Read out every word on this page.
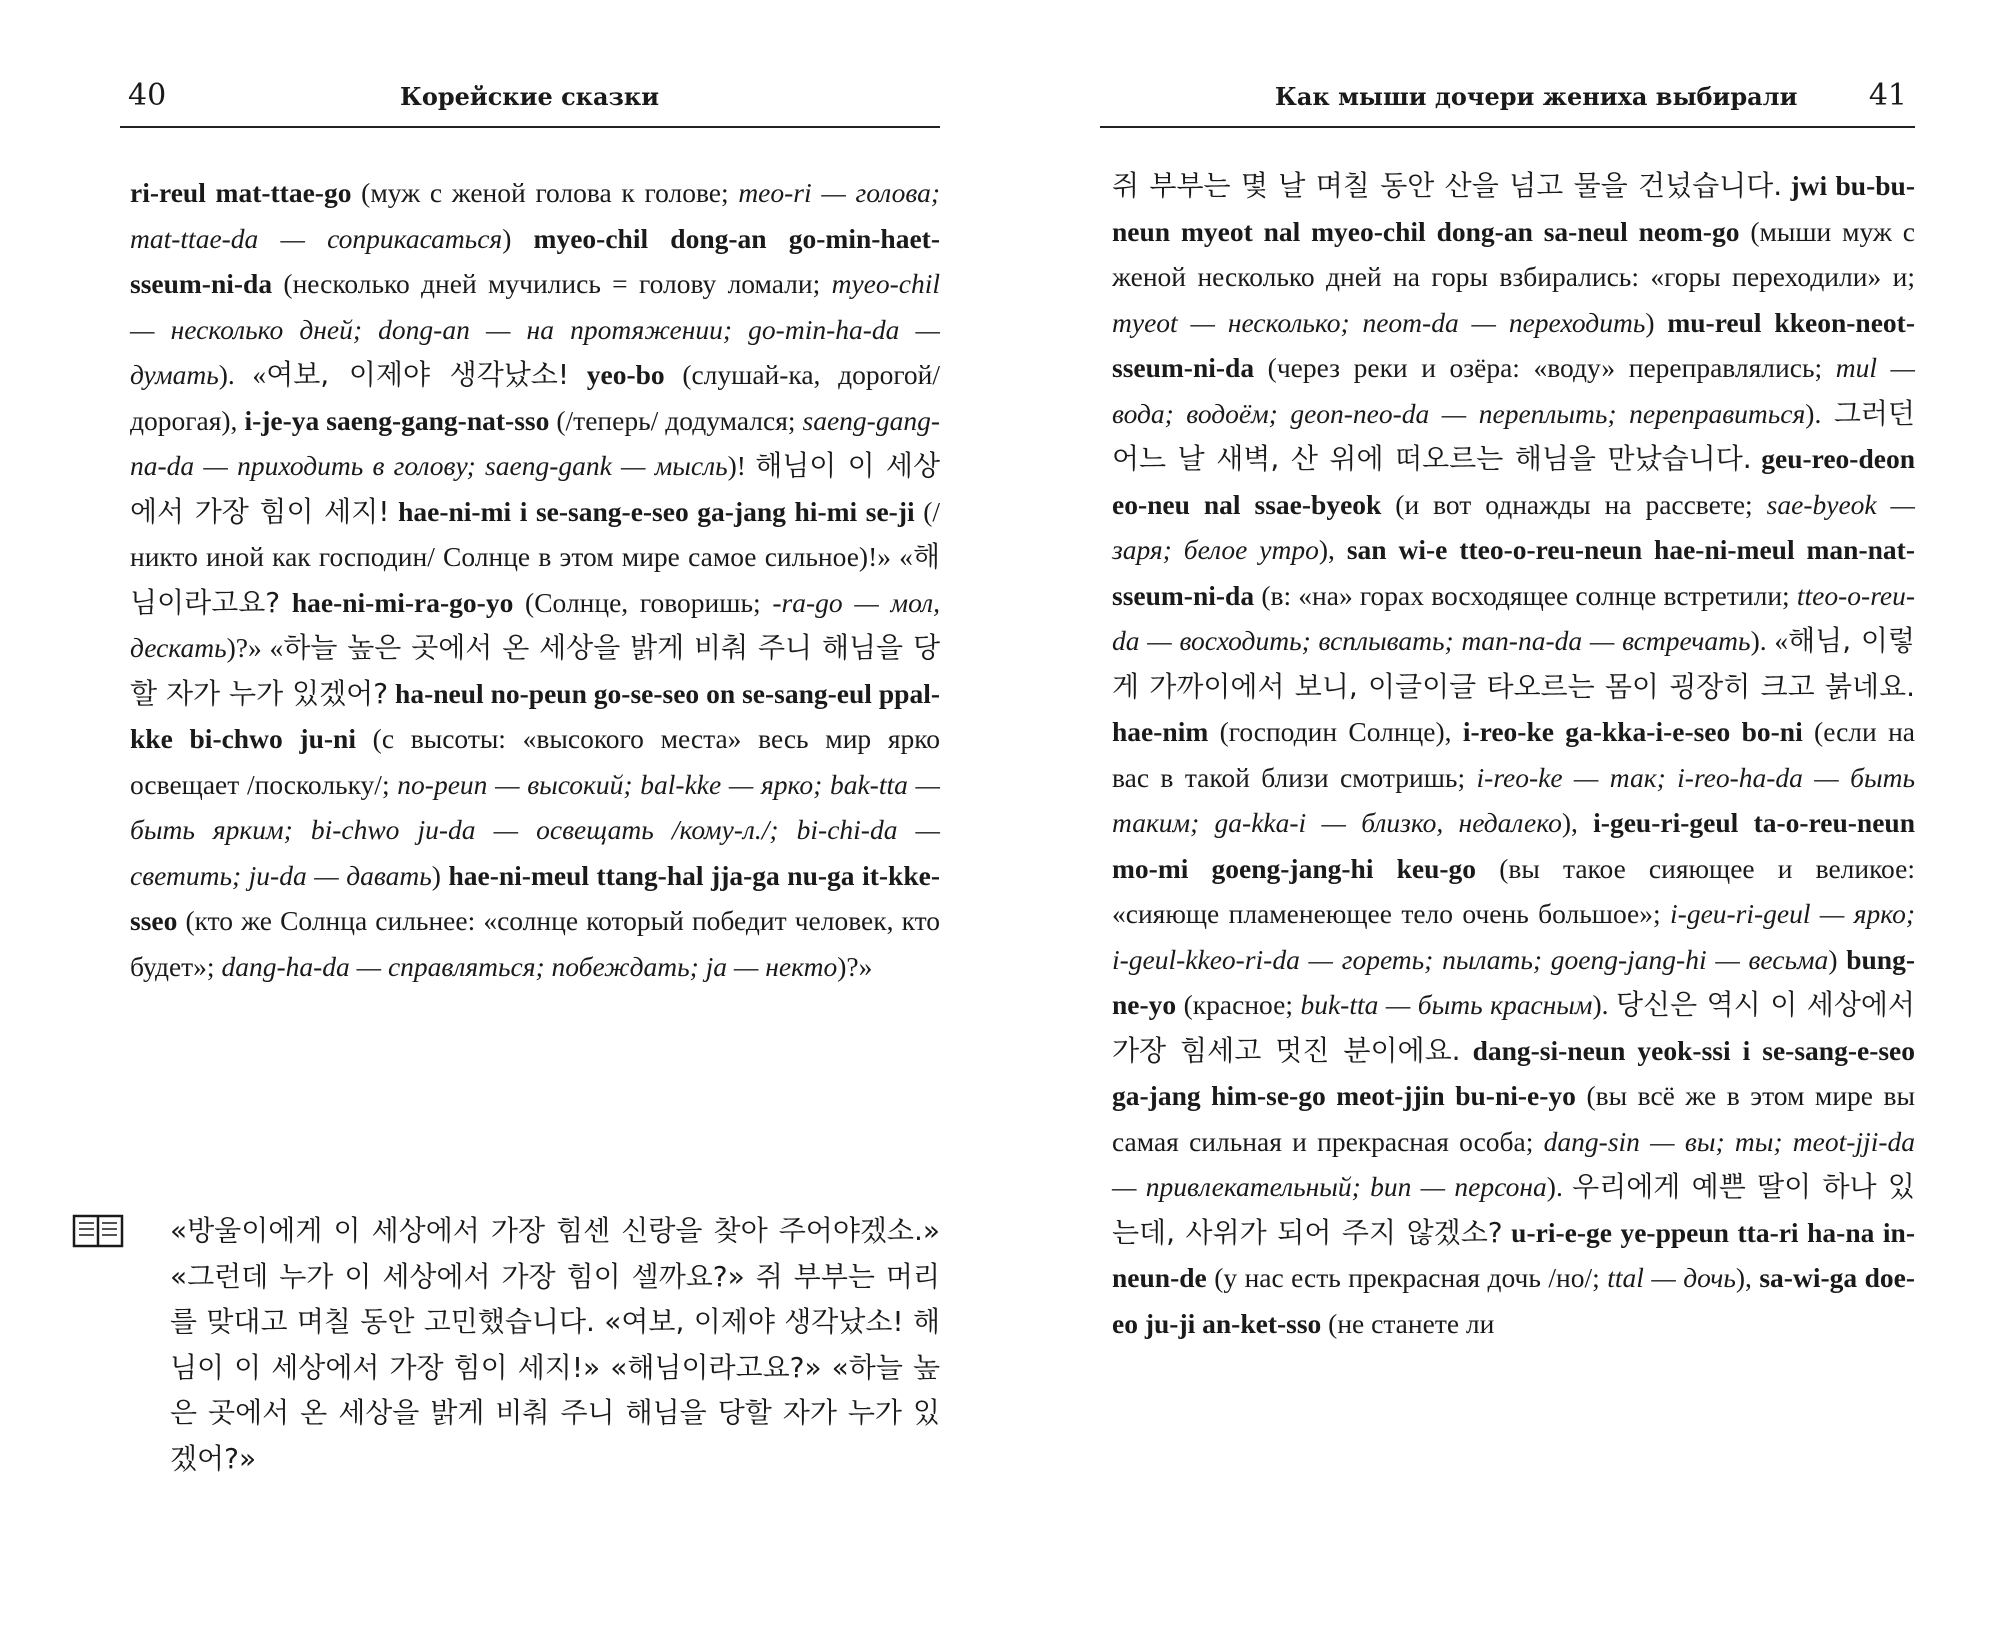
40	Корейские сказки

ri-reul mat-ttae-go (муж с женой голова к голове; meo-ri — голова; mat-ttae-da — соприкасаться) myeo-chil dong-an go-min-haet-sseum-ni-da (несколько дней мучились = голову ломали; myeo-chil — несколько дней; dong-an — на протяжении; go-min-ha-da — думать). «여보, 이제야 생각났소! yeo-bo (слушай-ка, дорогой/дорогая), i-je-ya saeng-gang-nat-sso (/теперь/ додумался; saeng-gang-na-da — приходить в голову; saeng-gank — мысль)! 해님이 이 세상에서 가장 힘이 세지! hae-ni-mi i se-sang-e-seo ga-jang hi-mi se-ji (/никто иной как господин/ Солнце в этом мире самое сильное)!» «해님이라고요? hae-ni-mi-ra-go-yo (Солнце, говоришь; -ra-go — мол, дескать)?» «하늘 높은 곳에서 온 세상을 밝게 비춰 주니 해님을 당할 자가 누가 있겠어? ha-neul no-peun go-se-seo on se-sang-eul ppal-kke bi-chwo ju-ni (с высоты: «высокого места» весь мир ярко освещает /поскольку/; no-peun — высокий; bal-kke — ярко; bak-tta — быть ярким; bi-chwo ju-da — освещать /кому-л./; bi-chi-da — светить; ju-da — давать) hae-ni-meul ttang-hal jja-ga nu-ga it-kke-sseo (кто же Солнца сильнее: «солнце который победит человек, кто будет»; dang-ha-da — справляться; побеждать; ja — некто)?»

«방울이에게 이 세상에서 가장 힘센 신랑을 찾아 주어야겠소.» «그런데 누가 이 세상에서 가장 힘이 셀까요?» 쥐 부부는 머리를 맞대고 며칠 동안 고민했습니다. «여보, 이제야 생각났소! 해님이 이 세상에서 가장 힘이 세지!» «해님이라고요?» «하늘 높은 곳에서 온 세상을 밝게 비춰 주니 해님을 당할 자가 누가 있겠어?»

Как мыши дочери жениха выбирали 41

쥐 부부는 몇 날 며칠 동안 산을 넘고 물을 건넜습니다. jwi bu-bu-neun myeot nal myeo-chil dong-an sa-neul neom-go (мыши муж с женой несколько дней на горы взбирались: «горы переходили» и; myeot — несколько; neom-da — переходить) mu-reul kkeon-neot-sseum-ni-da (через реки и озёра: «воду» переправлялись; mul — вода; водоём; geon-neo-da — переплыть; переправиться). 그러던 어느 날 새벽, 산 위에 떠오르는 해님을 만났습니다. geu-reo-deon eo-neu nal ssae-byeok (и вот однажды на рассвете; sae-byeok — заря; белое утро), san wi-e tteo-o-reu-neun hae-ni-meul man-nat-sseum-ni-da (в: «на» горах восходящее солнце встретили; tteo-o-reu-da — восходить; всплывать; man-na-da — встречать). «해님, 이렇게 가까이에서 보니, 이글이글 타오르는 몸이 굉장히 크고 붉네요. hae-nim (господин Солнце), i-reo-ke ga-kka-i-e-seo bo-ni (если на вас в такой близи смотришь; i-reo-ke — так; i-reo-ha-da — быть таким; ga-kka-i — близко, недалеко), i-geu-ri-geul ta-o-reu-neun mo-mi goeng-jang-hi keu-go (вы такое сияющее и великое: «сияюще пламенеющее тело очень большое»; i-geu-ri-geul — ярко; i-geul-kkeo-ri-da — гореть; пылать; goeng-jang-hi — весьма) bung-ne-yo (красное; buk-tta — быть красным). 당신은 역시 이 세상에서 가장 힘세고 멋진 분이에요. dang-si-neun yeok-ssi i se-sang-e-seo ga-jang him-se-go meot-jjin bu-ni-e-yo (вы всё же в этом мире вы самая сильная и прекрасная особа; dang-sin — вы; ты; meot-jji-da — привлекательный; bun — персона). 우리에게 예쁜 딸이 하나 있는데, 사위가 되어 주지 않겠소? u-ri-e-ge ye-ppeun tta-ri ha-na in-neun-de (у нас есть прекрасная дочь /но/; ttal — дочь), sa-wi-ga doe-eo ju-ji an-ket-sso (не станете ли
